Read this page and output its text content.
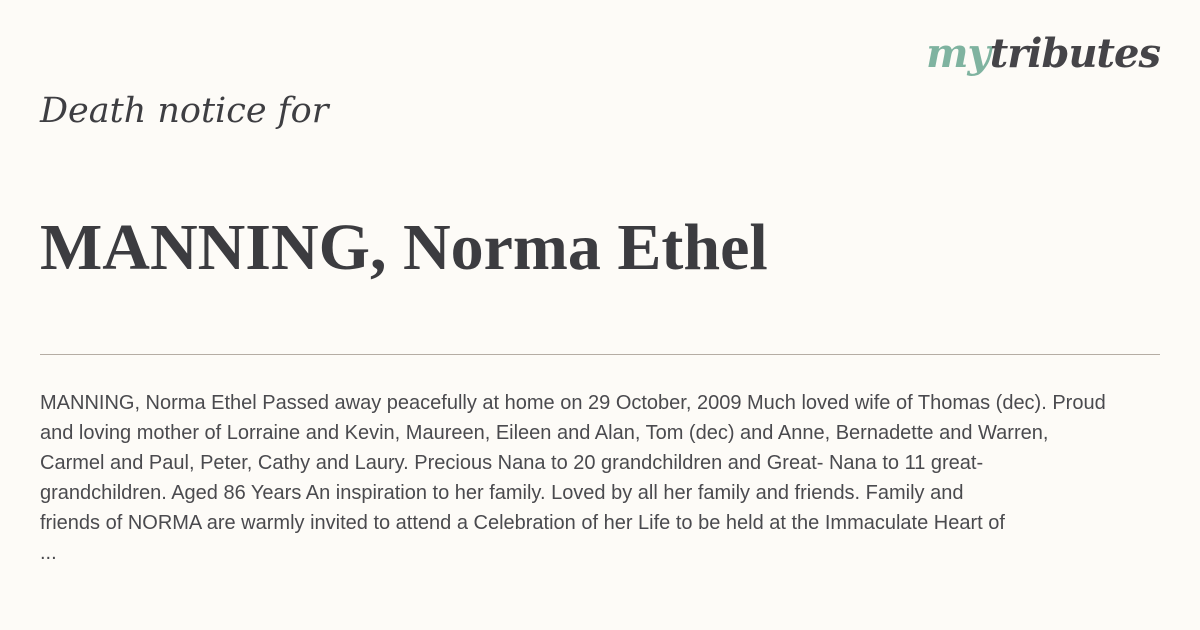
mytributes
Death notice for
MANNING, Norma Ethel

MANNING, Norma Ethel Passed away peacefully at home on 29 October, 2009 Much loved wife of Thomas (dec). Proud
and loving mother of Lorraine and Kevin, Maureen, Eileen and Alan, Tom (dec) and Anne, Bernadette and Warren,
Carmel and Paul, Peter, Cathy and Laury. Precious Nana to 20 grandchildren and Great- Nana to 11 great-
grandchildren. Aged 86 Years An inspiration to her family. Loved by all her family and friends. Family and
friends of NORMA are warmly invited to attend a Celebration of her Life to be held at the Immaculate Heart of
...
